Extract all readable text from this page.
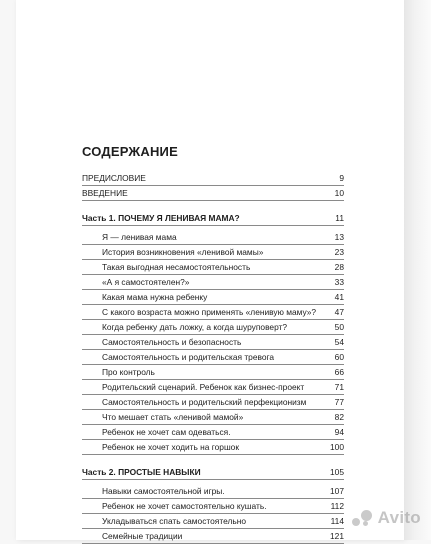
СОДЕРЖАНИЕ
ПРЕДИСЛОВИЕ	9
ВВЕДЕНИЕ	10
Часть 1. ПОЧЕМУ Я ЛЕНИВАЯ МАМА?	11
Я — ленивая мама	13
История возникновения «ленивой мамы»	23
Такая выгодная несамостоятельность	28
«А я самостоятелен?»	33
Какая мама нужна ребенку	41
С какого возраста можно применять «ленивую маму»? 47
Когда ребенку дать ложку, а когда шуруповерт?	50
Самостоятельность и безопасность	54
Самостоятельность и родительская тревога	60
Про контроль	66
Родительский сценарий. Ребенок как бизнес-проект	71
Самостоятельность и родительский перфекционизм	77
Что мешает стать «ленивой мамой»	82
Ребенок не хочет сам одеваться.	94
Ребенок не хочет ходить на горшок	100
Часть 2. ПРОСТЫЕ НАВЫКИ	105
Навыки самостоятельной игры.	107
Ребенок не хочет самостоятельно кушать.	112
Укладываться спать самостоятельно	114
Семейные традиции	121
Avito
